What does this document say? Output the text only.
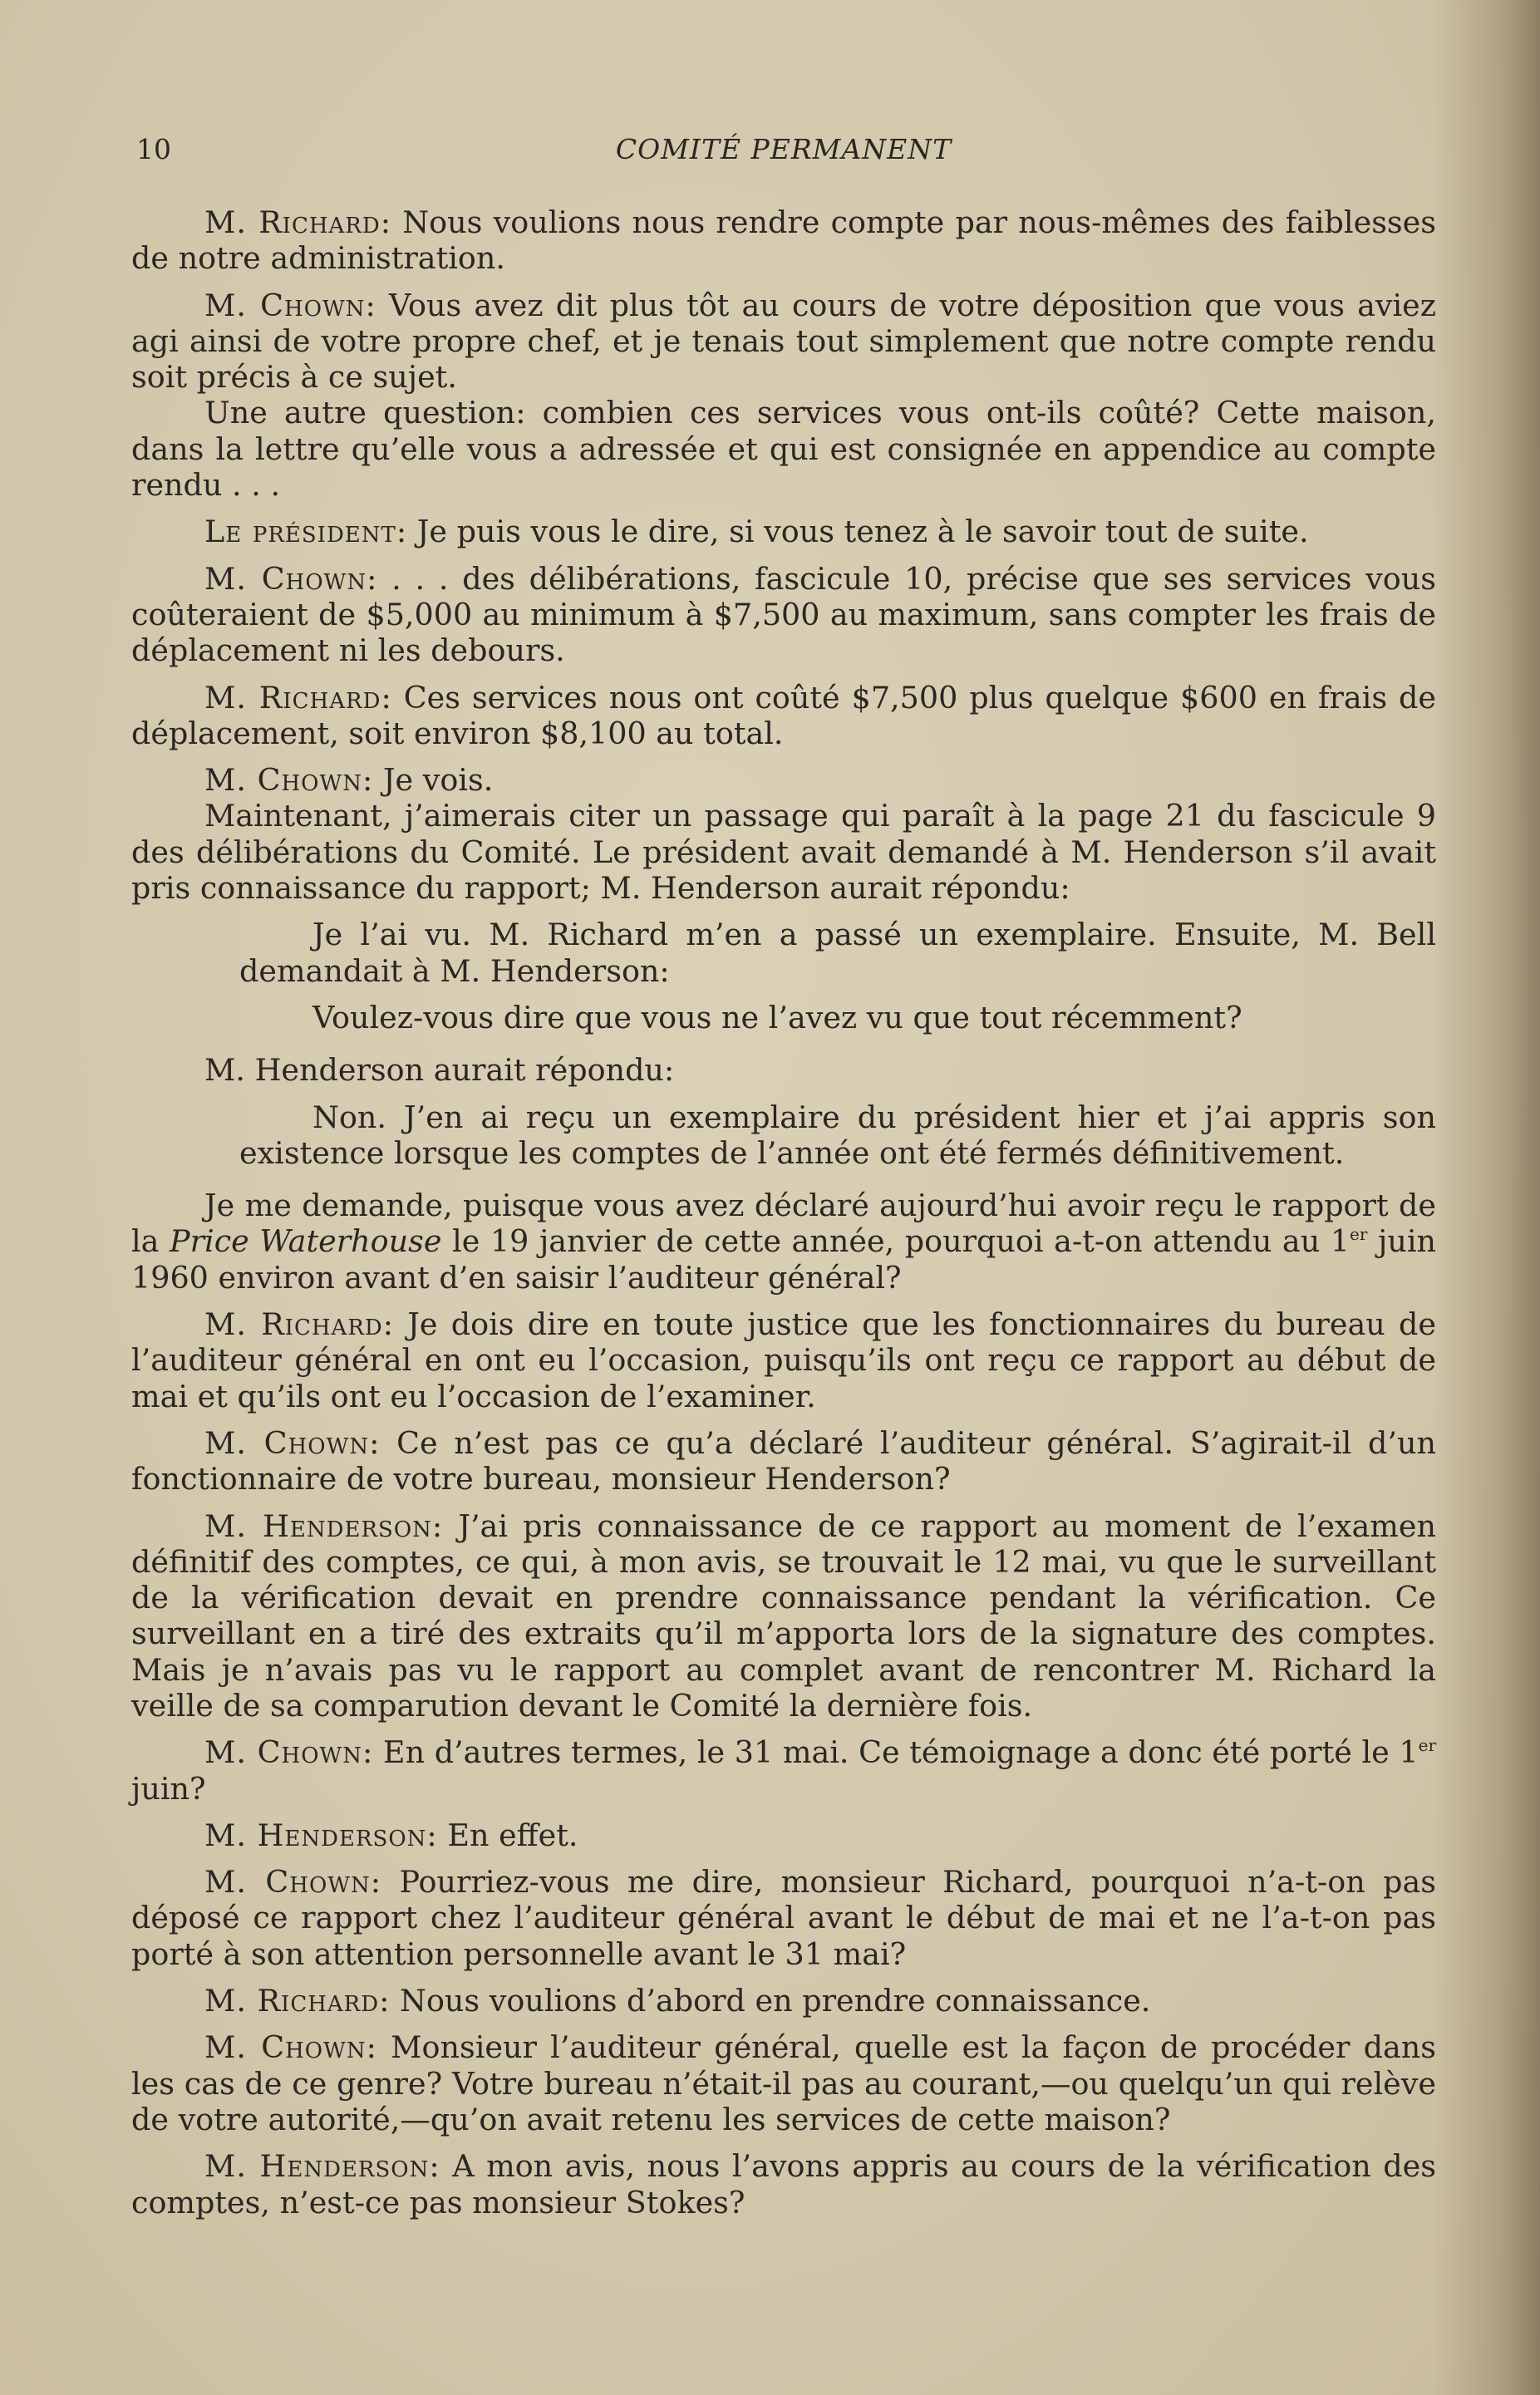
10	COMITÉ PERMANENT

M. Richard: Nous voulions nous rendre compte par nous-mêmes des faiblesses de notre administration.

M. Chown: Vous avez dit plus tôt au cours de votre déposition que vous aviez agi ainsi de votre propre chef, et je tenais tout simplement que notre compte rendu soit précis à ce sujet.

Une autre question: combien ces services vous ont-ils coûté? Cette maison, dans la lettre qu’elle vous a adressée et qui est consignée en appendice au compte rendu . . .

Le président: Je puis vous le dire, si vous tenez à le savoir tout de suite.

M. Chown: . . . des délibérations, fascicule 10, précise que ses services vous coûteraient de $5,000 au minimum à $7,500 au maximum, sans compter les frais de déplacement ni les debours.

M. Richard: Ces services nous ont coûté $7,500 plus quelque $600 en frais de déplacement, soit environ $8,100 au total.

M. Chown: Je vois.

Maintenant, j’aimerais citer un passage qui paraît à la page 21 du fascicule 9 des délibérations du Comité. Le président avait demandé à M. Henderson s’il avait pris connaissance du rapport; M. Henderson aurait répondu:

Je l’ai vu. M. Richard m’en a passé un exemplaire. Ensuite, M. Bell demandait à M. Henderson:

Voulez-vous dire que vous ne l’avez vu que tout récemment?

M. Henderson aurait répondu:

Non. J’en ai reçu un exemplaire du président hier et j’ai appris son existence lorsque les comptes de l’année ont été fermés définitivement.

Je me demande, puisque vous avez déclaré aujourd’hui avoir reçu le rapport de la Price Waterhouse le 19 janvier de cette année, pourquoi a-t-on attendu au 1er juin 1960 environ avant d’en saisir l’auditeur général?

M. Richard: Je dois dire en toute justice que les fonctionnaires du bureau de l’auditeur général en ont eu l’occasion, puisqu’ils ont reçu ce rapport au début de mai et qu’ils ont eu l’occasion de l’examiner.

M. Chown: Ce n’est pas ce qu’a déclaré l’auditeur général. S’agirait-il d’un fonctionnaire de votre bureau, monsieur Henderson?

M. Henderson: J’ai pris connaissance de ce rapport au moment de l’examen définitif des comptes, ce qui, à mon avis, se trouvait le 12 mai, vu que le surveillant de la vérification devait en prendre connaissance pendant la vérification. Ce surveillant en a tiré des extraits qu’il m’apporta lors de la signature des comptes. Mais je n’avais pas vu le rapport au complet avant de rencontrer M. Richard la veille de sa comparution devant le Comité la dernière fois.

M. Chown: En d’autres termes, le 31 mai. Ce témoignage a donc été porté le 1er juin?

M. Henderson: En effet.

M. Chown: Pourriez-vous me dire, monsieur Richard, pourquoi n’a-t-on pas déposé ce rapport chez l’auditeur général avant le début de mai et ne l’a-t-on pas porté à son attention personnelle avant le 31 mai?

M. Richard: Nous voulions d’abord en prendre connaissance.

M. Chown: Monsieur l’auditeur général, quelle est la façon de procéder dans les cas de ce genre? Votre bureau n’était-il pas au courant,—ou quelqu’un qui relève de votre autorité,—qu’on avait retenu les services de cette maison?

M. Henderson: A mon avis, nous l’avons appris au cours de la vérification des comptes, n’est-ce pas monsieur Stokes?
